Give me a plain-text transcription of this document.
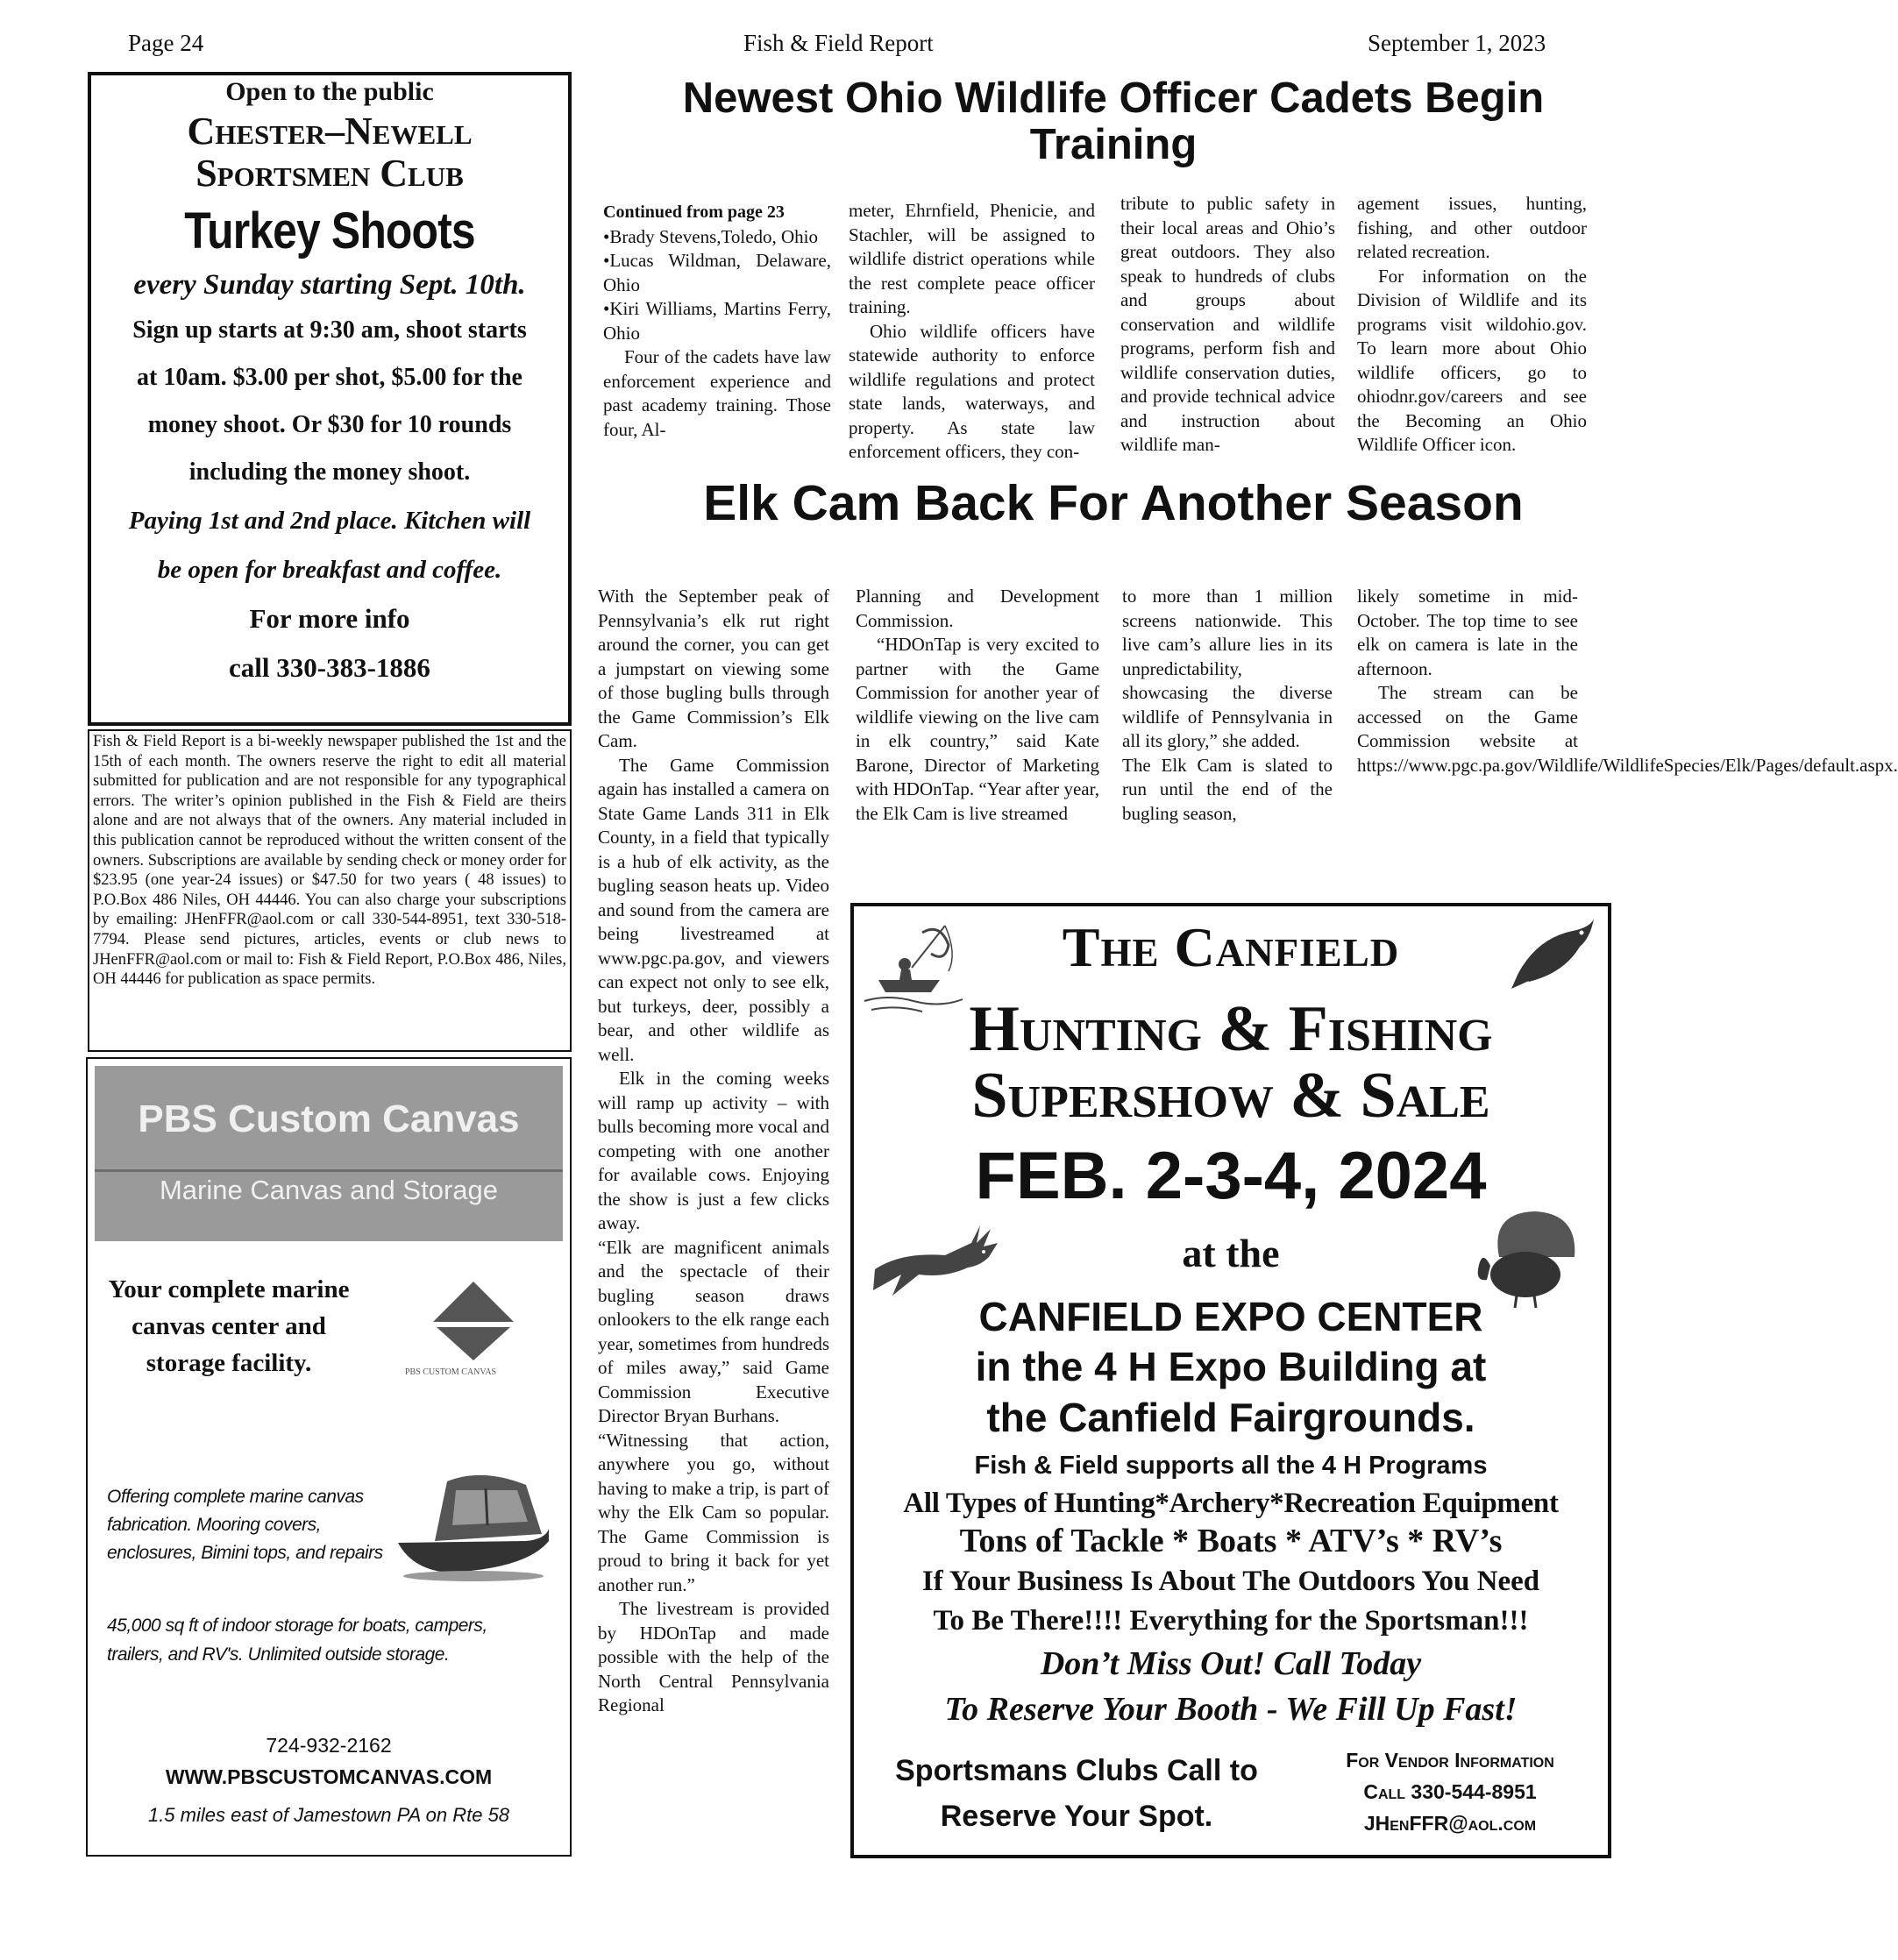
Page 24	Fish & Field Report	September 1, 2023
Open to the public
Chester–Newell
Sportsmen Club
Turkey Shoots
every Sunday starting Sept. 10th.
Sign up starts at 9:30 am, shoot starts
at 10am. $3.00 per shot, $5.00 for the
money shoot. Or $30 for 10 rounds
including the money shoot.
Paying 1st and 2nd place. Kitchen will
be open for breakfast and coffee.
For more info
call 330-383-1886
Fish & Field Report is a bi-weekly newspaper published the 1st and the 15th of each month. The owners reserve the right to edit all material submitted for publication and are not responsible for any typographical errors. The writer’s opinion published in the Fish & Field are theirs alone and are not always that of the owners. Any material included in this publication cannot be reproduced without the written consent of the owners. Subscriptions are available by sending check or money order for $23.95 (one year-24 issues) or $47.50 for two years ( 48 issues) to P.O.Box 486 Niles, OH 44446. You can also charge your subscriptions by emailing: JHenFFR@aol.com or call 330-544-8951, text 330-518-7794. Please send pictures, articles, events or club news to JHenFFR@aol.com or mail to: Fish & Field Report, P.O.Box 486, Niles, OH 44446 for publication as space permits.
PBS Custom Canvas
Marine Canvas and Storage
Your complete marine canvas center and storage facility.	PBS CUSTOM CANVAS
Offering complete marine canvas fabrication. Mooring covers, enclosures, Bimini tops, and repairs
45,000 sq ft of indoor storage for boats, campers, trailers, and RV's. Unlimited outside storage.
724-932-2162
WWW.PBSCUSTOMCANVAS.COM
1.5 miles east of Jamestown PA on Rte 58
Newest Ohio Wildlife Officer Cadets Begin Training

Continued from page 23

•Brady Stevens,Toledo, Ohio

•Lucas Wildman, Delaware, Ohio

•Kiri Williams, Martins Ferry, Ohio

Four of the cadets have law enforcement experience and past academy training. Those four, Al-

meter, Ehrnfield, Phenicie, and Stachler, will be assigned to wildlife district operations while the rest complete peace officer training.

Ohio wildlife officers have statewide authority to enforce wildlife regulations and protect state lands, waterways, and property. As state law enforcement officers, they con-

tribute to public safety in their local areas and Ohio’s great outdoors. They also speak to hundreds of clubs and groups about conservation and wildlife programs, perform fish and wildlife conservation duties, and provide technical advice and instruction about wildlife man-

agement issues, hunting, fishing, and other outdoor related recreation.

For information on the Division of Wildlife and its programs visit wildohio.gov. To learn more about Ohio wildlife officers, go to ohiodnr.gov/careers and see the Becoming an Ohio Wildlife Officer icon.

Elk Cam Back For Another Season

With the September peak of Pennsylvania’s elk rut right around the corner, you can get a jumpstart on viewing some of those bugling bulls through the Game Commission’s Elk Cam.

The Game Commission again has installed a camera on State Game Lands 311 in Elk County, in a field that typically is a hub of elk activity, as the bugling season heats up. Video and sound from the camera are being livestreamed at www.pgc.pa.gov, and viewers can expect not only to see elk, but turkeys, deer, possibly a bear, and other wildlife as well.

Elk in the coming weeks will ramp up activity – with bulls becoming more vocal and competing with one another for available cows. Enjoying the show is just a few clicks away.

“Elk are magnificent animals and the spectacle of their bugling season draws onlookers to the elk range each year, sometimes from hundreds of miles away,” said Game Commission Executive Director Bryan Burhans.

“Witnessing that action, anywhere you go, without having to make a trip, is part of why the Elk Cam so popular. The Game Commission is proud to bring it back for yet another run.”

The livestream is provided by HDOnTap and made possible with the help of the North Central Pennsylvania Regional

Planning and Development Commission.

“HDOnTap is very excited to partner with the Game Commission for another year of wildlife viewing on the live cam in elk country,” said Kate Barone, Director of Marketing with HDOnTap. “Year after year, the Elk Cam is live streamed

to more than 1 million screens nationwide. This live cam’s allure lies in its unpredictability, showcasing the diverse wildlife of Pennsylvania in all its glory,” she added.

The Elk Cam is slated to run until the end of the bugling season,

likely sometime in mid-October. The top time to see elk on camera is late in the afternoon.

The stream can be accessed on the Game Commission website at https://www.pgc.pa.gov/Wildlife/WildlifeSpecies/Elk/Pages/default.aspx.

The Canfield
Hunting & Fishing
Supershow & Sale
FEB. 2-3-4, 2024
at the
CANFIELD EXPO CENTER
in the 4 H Expo Building at
the Canfield Fairgrounds.
Fish & Field supports all the 4 H Programs
All Types of Hunting*Archery*Recreation Equipment
Tons of Tackle * Boats * ATV’s * RV’s
If Your Business Is About The Outdoors You Need
To Be There!!!! Everything for the Sportsman!!!
Don’t Miss Out! Call Today
To Reserve Your Booth - We Fill Up Fast!
Sportsmans Clubs Call to
Reserve Your Spot.
For Vendor Information
Call 330-544-8951
JHenFFR@aol.com
